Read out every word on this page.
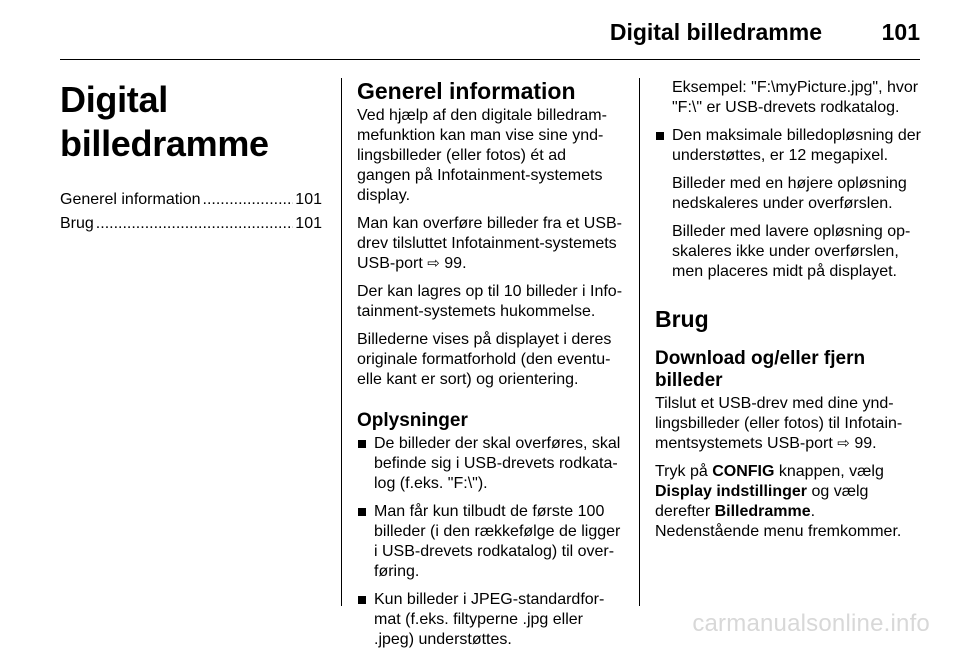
Digital billedramme	101
Digital billedramme
Generel information .....	101
Brug .....	101
Generel information

Ved hjælp af den digitale billedrammefunktion kan man vise sine yndlingsbilleder (eller fotos) ét ad gangen på Infotainment-systemets display.

Man kan overføre billeder fra et USB-drev tilsluttet Infotainment-systemets USB-port ⇨ 99.

Der kan lagres op til 10 billeder i Infotainment-systemets hukommelse.

Billederne vises på displayet i deres originale formatforhold (den eventuelle kant er sort) og orientering.

Oplysninger
De billeder der skal overføres, skal befinde sig i USB-drevets rodkatalog (f.eks. "F:\").
Man får kun tilbudt de første 100 billeder (i den rækkefølge de ligger i USB-drevets rodkatalog) til overføring.
Kun billeder i JPEG-standardformat (f.eks. filtyperne .jpg eller .jpeg) understøttes.
Eksempel: "F:\myPicture.jpg", hvor "F:\" er USB-drevets rodkatalog.
Den maksimale billedopløsning der understøttes, er 12 megapixel.
Billeder med en højere opløsning nedskaleres under overførslen.
Billeder med lavere opløsning opskaleres ikke under overførslen, men placeres midt på displayet.
Brug
Download og/eller fjern billeder

Tilslut et USB-drev med dine yndlingsbilleder (eller fotos) til Infotainmentsystemets USB-port ⇨ 99.

Tryk på CONFIG knappen, vælg Display indstillinger og vælg derefter Billedramme. Nedenstående menu fremkommer.

carmanualsonline.info
